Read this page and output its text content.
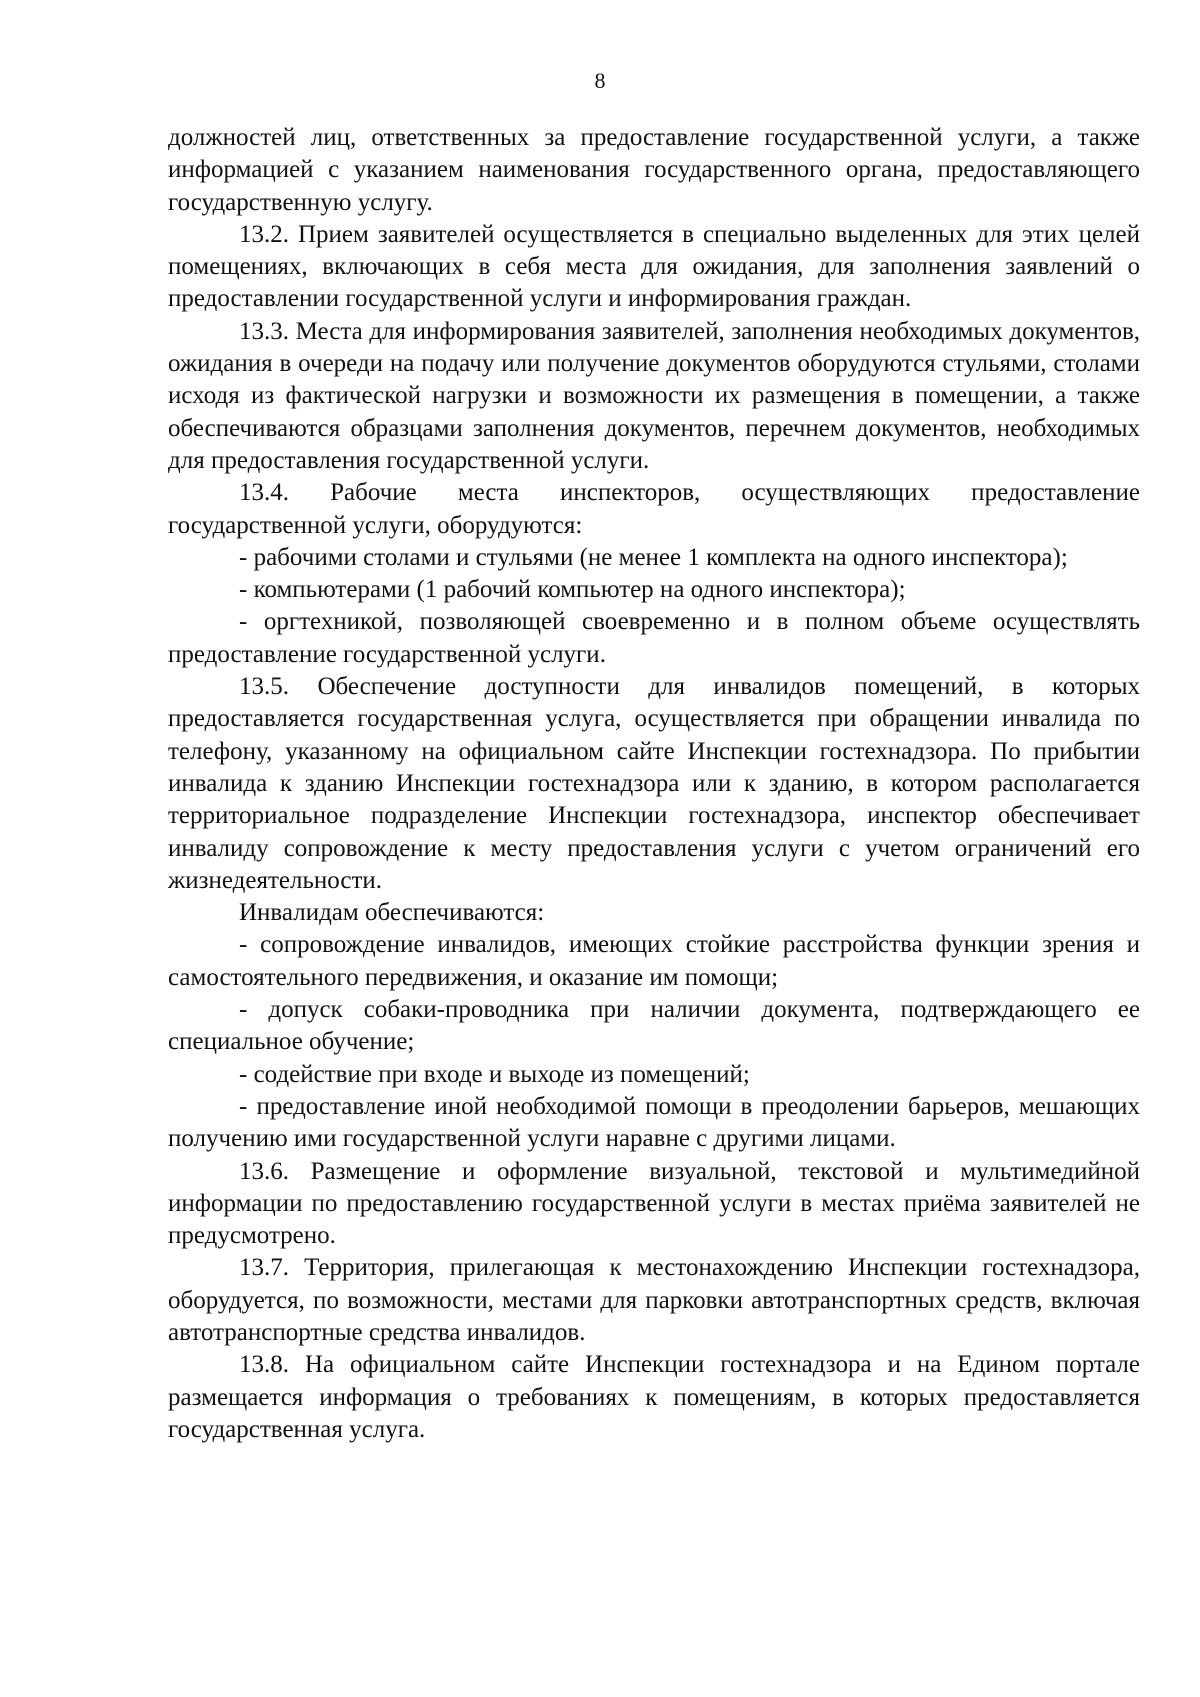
8

должностей лиц, ответственных за предоставление государственной услуги, а также информацией с указанием наименования государственного органа, предоставляющего государственную услугу.

13.2. Прием заявителей осуществляется в специально выделенных для этих целей помещениях, включающих в себя места для ожидания, для заполнения заявлений о предоставлении государственной услуги и информирования граждан.

13.3. Места для информирования заявителей, заполнения необходимых документов, ожидания в очереди на подачу или получение документов оборудуются стульями, столами исходя из фактической нагрузки и возможности их размещения в помещении, а также обеспечиваются образцами заполнения документов, перечнем документов, необходимых для предоставления государственной услуги.

13.4. Рабочие места инспекторов, осуществляющих предоставление государственной услуги, оборудуются:

- рабочими столами и стульями (не менее 1 комплекта на одного инспектора);

- компьютерами (1 рабочий компьютер на одного инспектора);

- оргтехникой, позволяющей своевременно и в полном объеме осуществлять предоставление государственной услуги.

13.5. Обеспечение доступности для инвалидов помещений, в которых предоставляется государственная услуга, осуществляется при обращении инвалида по телефону, указанному на официальном сайте Инспекции гостехнадзора. По прибытии инвалида к зданию Инспекции гостехнадзора или к зданию, в котором располагается территориальное подразделение Инспекции гостехнадзора, инспектор обеспечивает инвалиду сопровождение к месту предоставления услуги с учетом ограничений его жизнедеятельности.

Инвалидам обеспечиваются:

- сопровождение инвалидов, имеющих стойкие расстройства функции зрения и самостоятельного передвижения, и оказание им помощи;

- допуск собаки-проводника при наличии документа, подтверждающего ее специальное обучение;

- содействие при входе и выходе из помещений;

- предоставление иной необходимой помощи в преодолении барьеров, мешающих получению ими государственной услуги наравне с другими лицами.

13.6. Размещение и оформление визуальной, текстовой и мультимедийной информации по предоставлению государственной услуги в местах приёма заявителей не предусмотрено.

13.7. Территория, прилегающая к местонахождению Инспекции гостехнадзора, оборудуется, по возможности, местами для парковки автотранспортных средств, включая автотранспортные средства инвалидов.

13.8. На официальном сайте Инспекции гостехнадзора и на Едином портале размещается информация о требованиях к помещениям, в которых предоставляется государственная услуга.
